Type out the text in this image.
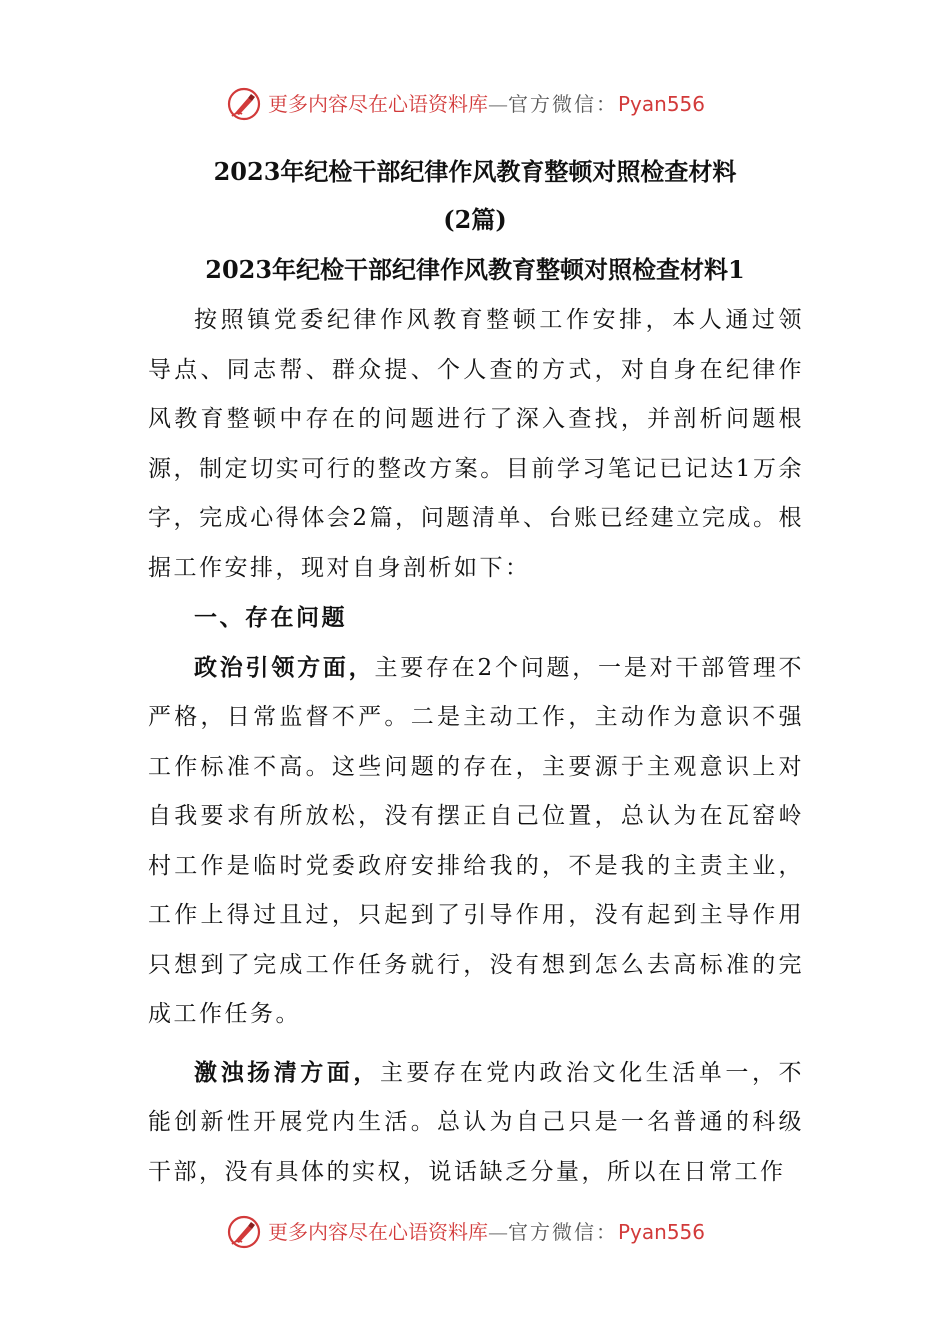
更多内容尽在心语资料库—官方微信：Pyan556
2023年纪检干部纪律作风教育整顿对照检查材料
(2篇)
2023年纪检干部纪律作风教育整顿对照检查材料1

按照镇党委纪律作风教育整顿工作安排，本人通过领导点、同志帮、群众提、个人查的方式，对自身在纪律作风教育整顿中存在的问题进行了深入查找，并剖析问题根源，制定切实可行的整改方案。目前学习笔记已记达1万余字，完成心得体会2篇，问题清单、台账已经建立完成。根据工作安排，现对自身剖析如下：

一、存在问题

政治引领方面，主要存在2个问题，一是对干部管理不严格，日常监督不严。二是主动工作，主动作为意识不强工作标准不高。这些问题的存在，主要源于主观意识上对自我要求有所放松，没有摆正自己位置，总认为在瓦窑岭村工作是临时党委政府安排给我的，不是我的主责主业，工作上得过且过，只起到了引导作用，没有起到主导作用只想到了完成工作任务就行，没有想到怎么去高标准的完成工作任务。

激浊扬清方面，主要存在党内政治文化生活单一，不能创新性开展党内生活。总认为自己只是一名普通的科级干部，没有具体的实权，说话缺乏分量，所以在日常工作

更多内容尽在心语资料库—官方微信：Pyan556
